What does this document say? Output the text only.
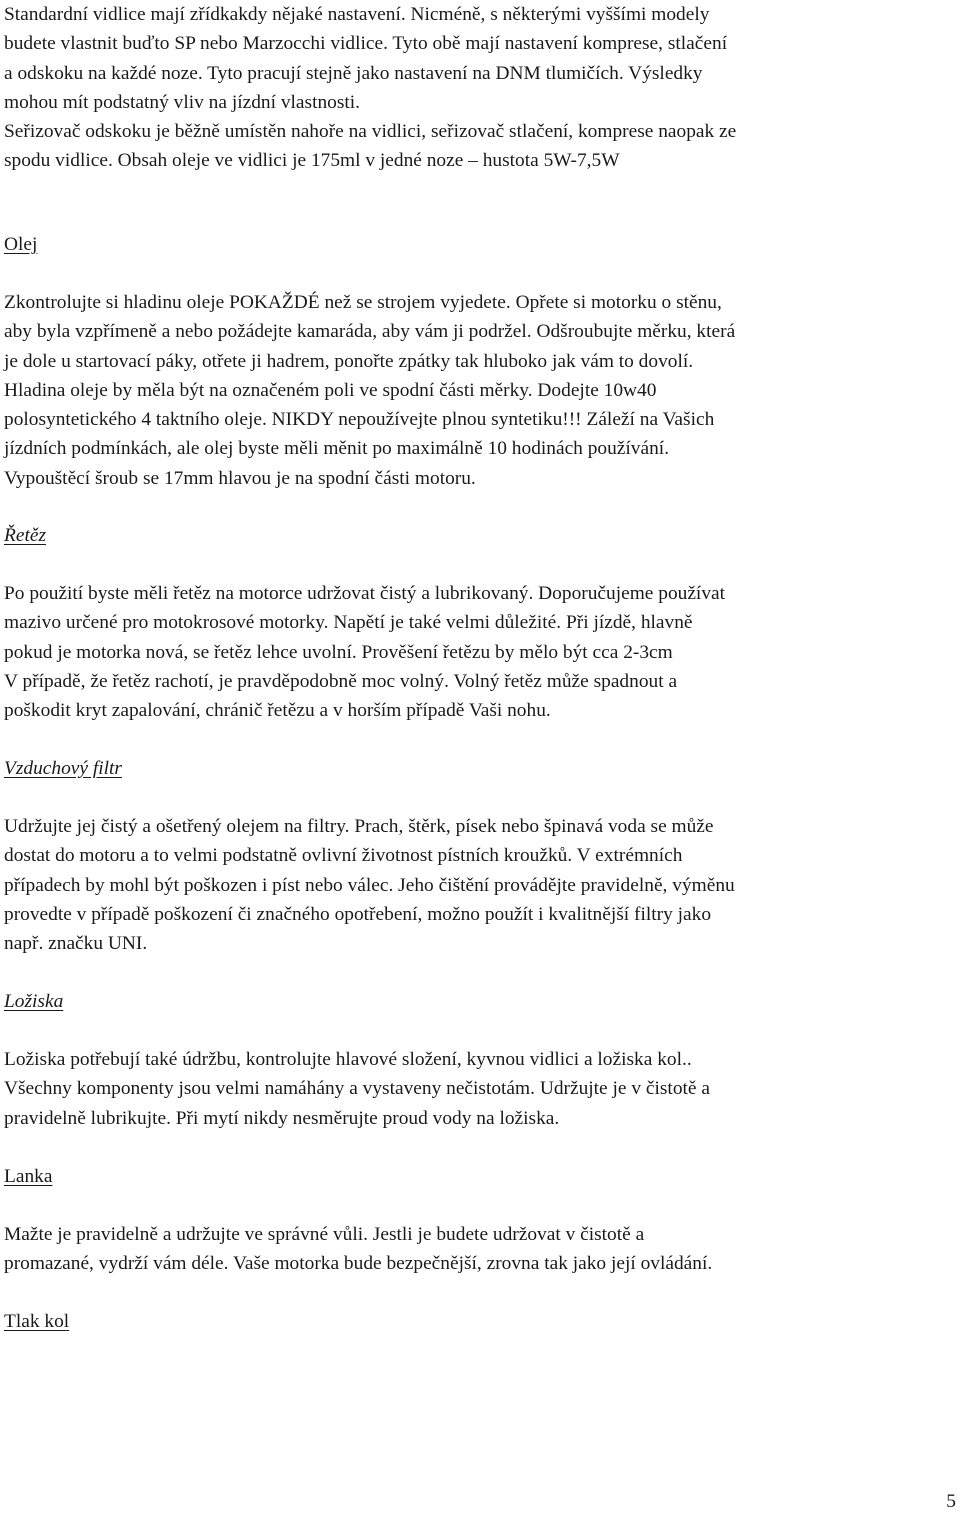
Standardní vidlice mají zřídkakdy nějaké nastavení. Nicméně, s některými vyššími modely
budete vlastnit buďto SP nebo Marzocchi vidlice. Tyto obě mají nastavení komprese, stlačení
a odskoku na každé noze. Tyto pracují stejně jako nastavení na DNM tlumičích. Výsledky
mohou mít podstatný vliv na jízdní vlastnosti.
Seřizovač odskoku je běžně umístěn nahoře na vidlici, seřizovač stlačení, komprese naopak ze
spodu vidlice. Obsah oleje ve vidlici je 175ml v jedné noze – hustota 5W-7,5W
Olej
Zkontrolujte si hladinu oleje POKAŽDÉ než se strojem vyjedete. Opřete si motorku o stěnu,
aby byla vzpřímeně a nebo požádejte kamaráda, aby vám ji podržel. Odšroubujte měrku, která
je dole u startovací páky, otřete ji hadrem, ponořte zpátky tak hluboko jak vám to dovolí.
Hladina oleje by měla být na označeném poli ve spodní části měrky. Dodejte 10w40
polosyntetického 4 taktního oleje. NIKDY nepoužívejte plnou syntetiku!!! Záleží na Vašich
jízdních podmínkách, ale olej byste měli měnit po maximálně 10 hodinách používání.
Vypouštěcí šroub se 17mm hlavou je na spodní části motoru.
Řetěz
Po použití byste měli řetěz na motorce udržovat čistý a lubrikovaný. Doporučujeme používat
mazivo určené pro motokrosové motorky. Napětí je také velmi důležité. Při jízdě, hlavně
pokud je motorka nová, se řetěz lehce uvolní. Prověšení řetězu by mělo být cca 2-3cm
V případě, že řetěz rachotí, je pravděpodobně moc volný. Volný řetěz může spadnout a
poškodit kryt zapalování, chránič řetězu a v horším případě Vaši nohu.
Vzduchový filtr
Udržujte jej čistý a ošetřený olejem na filtry. Prach, štěrk, písek nebo špinavá voda se může
dostat do motoru a to velmi podstatně ovlivní životnost pístních kroužků. V extrémních
případech by mohl být poškozen i píst nebo válec. Jeho čištění provádějte pravidelně, výměnu
provedte v případě poškození či značného opotřebení, možno použít i kvalitnější filtry jako
např. značku UNI.
Ložiska
Ložiska potřebují také údržbu, kontrolujte hlavové složení, kyvnou vidlici a ložiska kol..
Všechny komponenty jsou velmi namáhány a vystaveny nečistotám. Udržujte je v čistotě a
pravidelně lubrikujte. Při mytí nikdy nesměrujte proud vody na ložiska.
Lanka
Mažte je pravidelně a udržujte ve správné vůli. Jestli je budete udržovat v čistotě a
promazané, vydrží vám déle. Vaše motorka bude bezpečnější, zrovna tak jako její ovládání.
Tlak kol
5
